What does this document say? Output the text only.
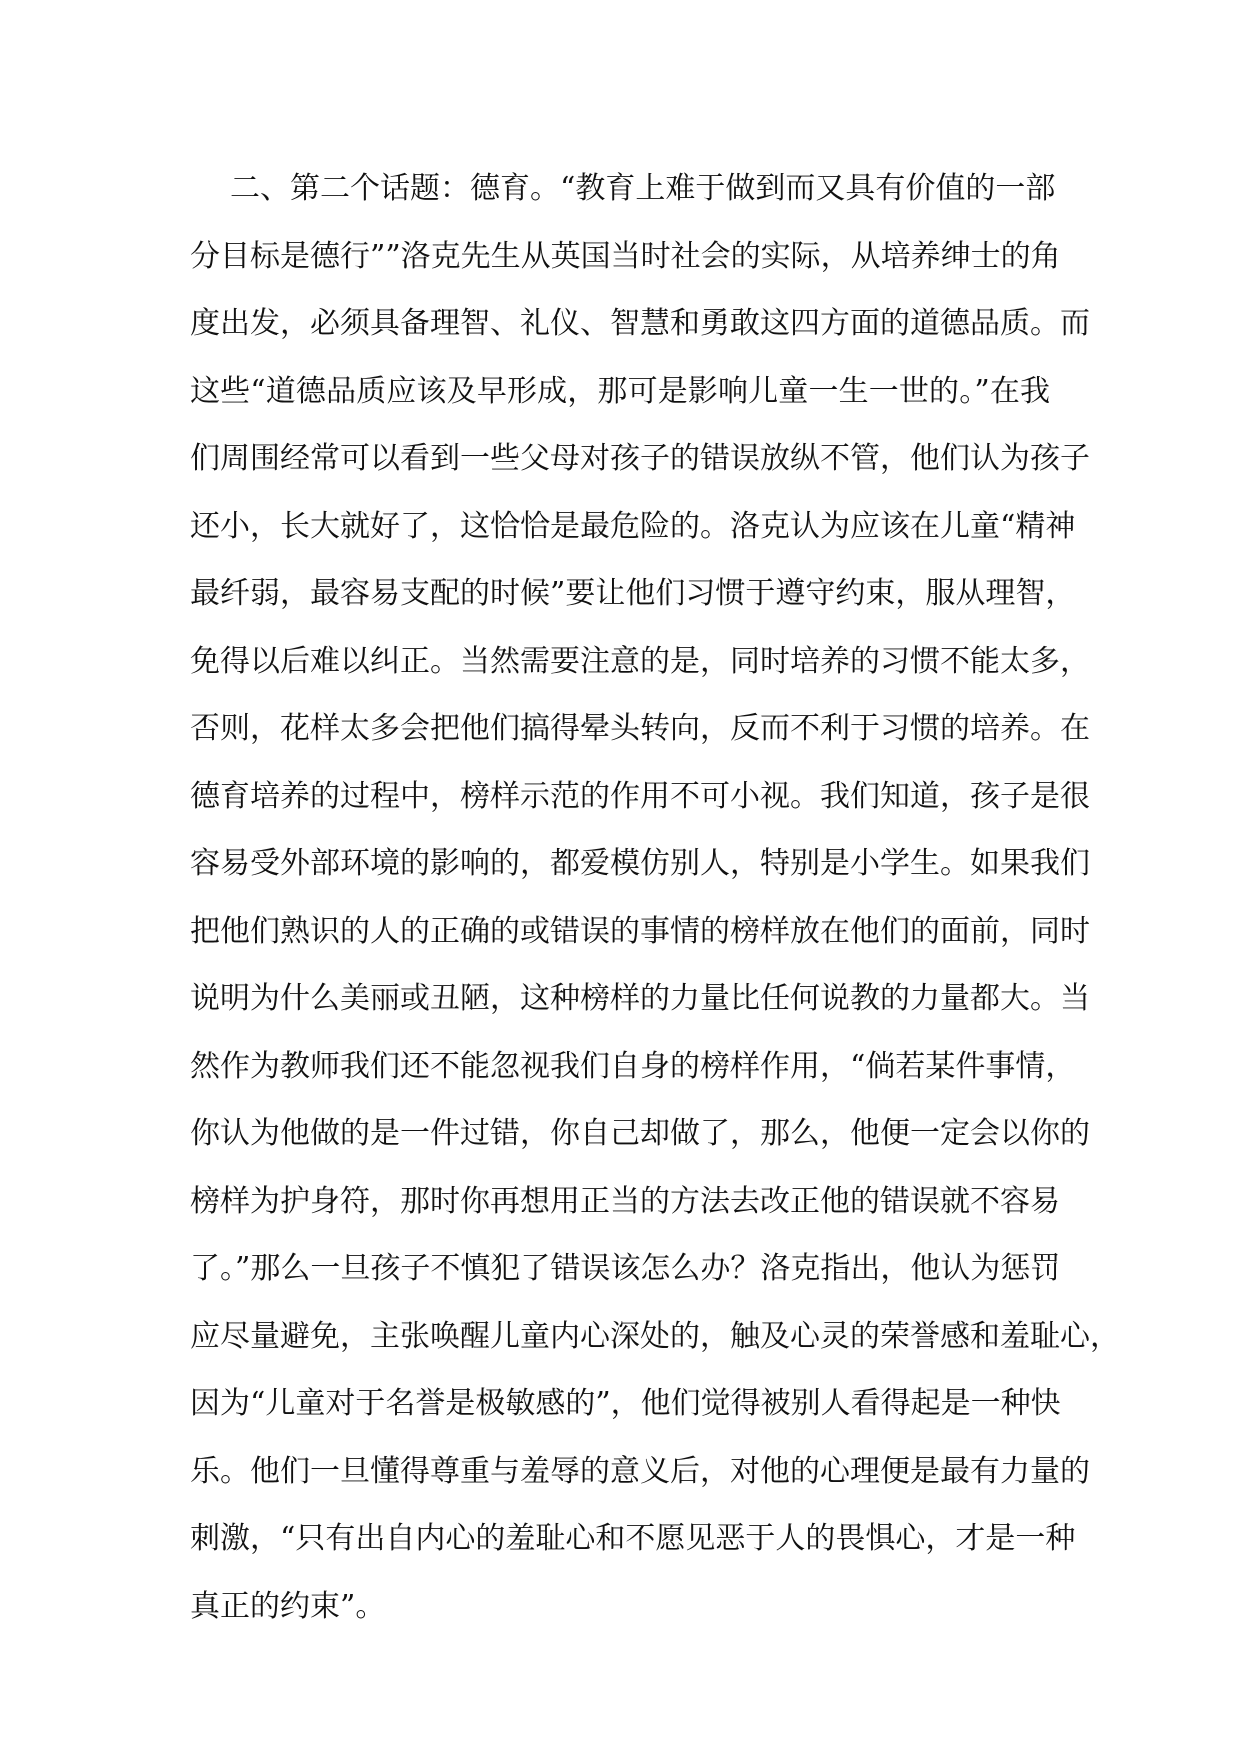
二、第二个话题：德育。“教育上难于做到而又具有价值的一部
分目标是德行””洛克先生从英国当时社会的实际，从培养绅士的角
度出发，必须具备理智、礼仪、智慧和勇敢这四方面的道德品质。而
这些“道德品质应该及早形成，那可是影响儿童一生一世的。”在我
们周围经常可以看到一些父母对孩子的错误放纵不管，他们认为孩子
还小，长大就好了，这恰恰是最危险的。洛克认为应该在儿童“精神
最纤弱，最容易支配的时候”要让他们习惯于遵守约束，服从理智，
免得以后难以纠正。当然需要注意的是，同时培养的习惯不能太多，
否则，花样太多会把他们搞得晕头转向，反而不利于习惯的培养。在
德育培养的过程中，榜样示范的作用不可小视。我们知道，孩子是很
容易受外部环境的影响的，都爱模仿别人，特别是小学生。如果我们
把他们熟识的人的正确的或错误的事情的榜样放在他们的面前，同时
说明为什么美丽或丑陋，这种榜样的力量比任何说教的力量都大。当
然作为教师我们还不能忽视我们自身的榜样作用，“倘若某件事情，
你认为他做的是一件过错，你自己却做了，那么，他便一定会以你的
榜样为护身符，那时你再想用正当的方法去改正他的错误就不容易
了。”那么一旦孩子不慎犯了错误该怎么办？洛克指出，他认为惩罚
应尽量避免，主张唤醒儿童内心深处的，触及心灵的荣誉感和羞耻心，
因为“儿童对于名誉是极敏感的”，他们觉得被别人看得起是一种快
乐。他们一旦懂得尊重与羞辱的意义后，对他的心理便是最有力量的
刺激，“只有出自内心的羞耻心和不愿见恶于人的畏惧心，才是一种
真正的约束”。
